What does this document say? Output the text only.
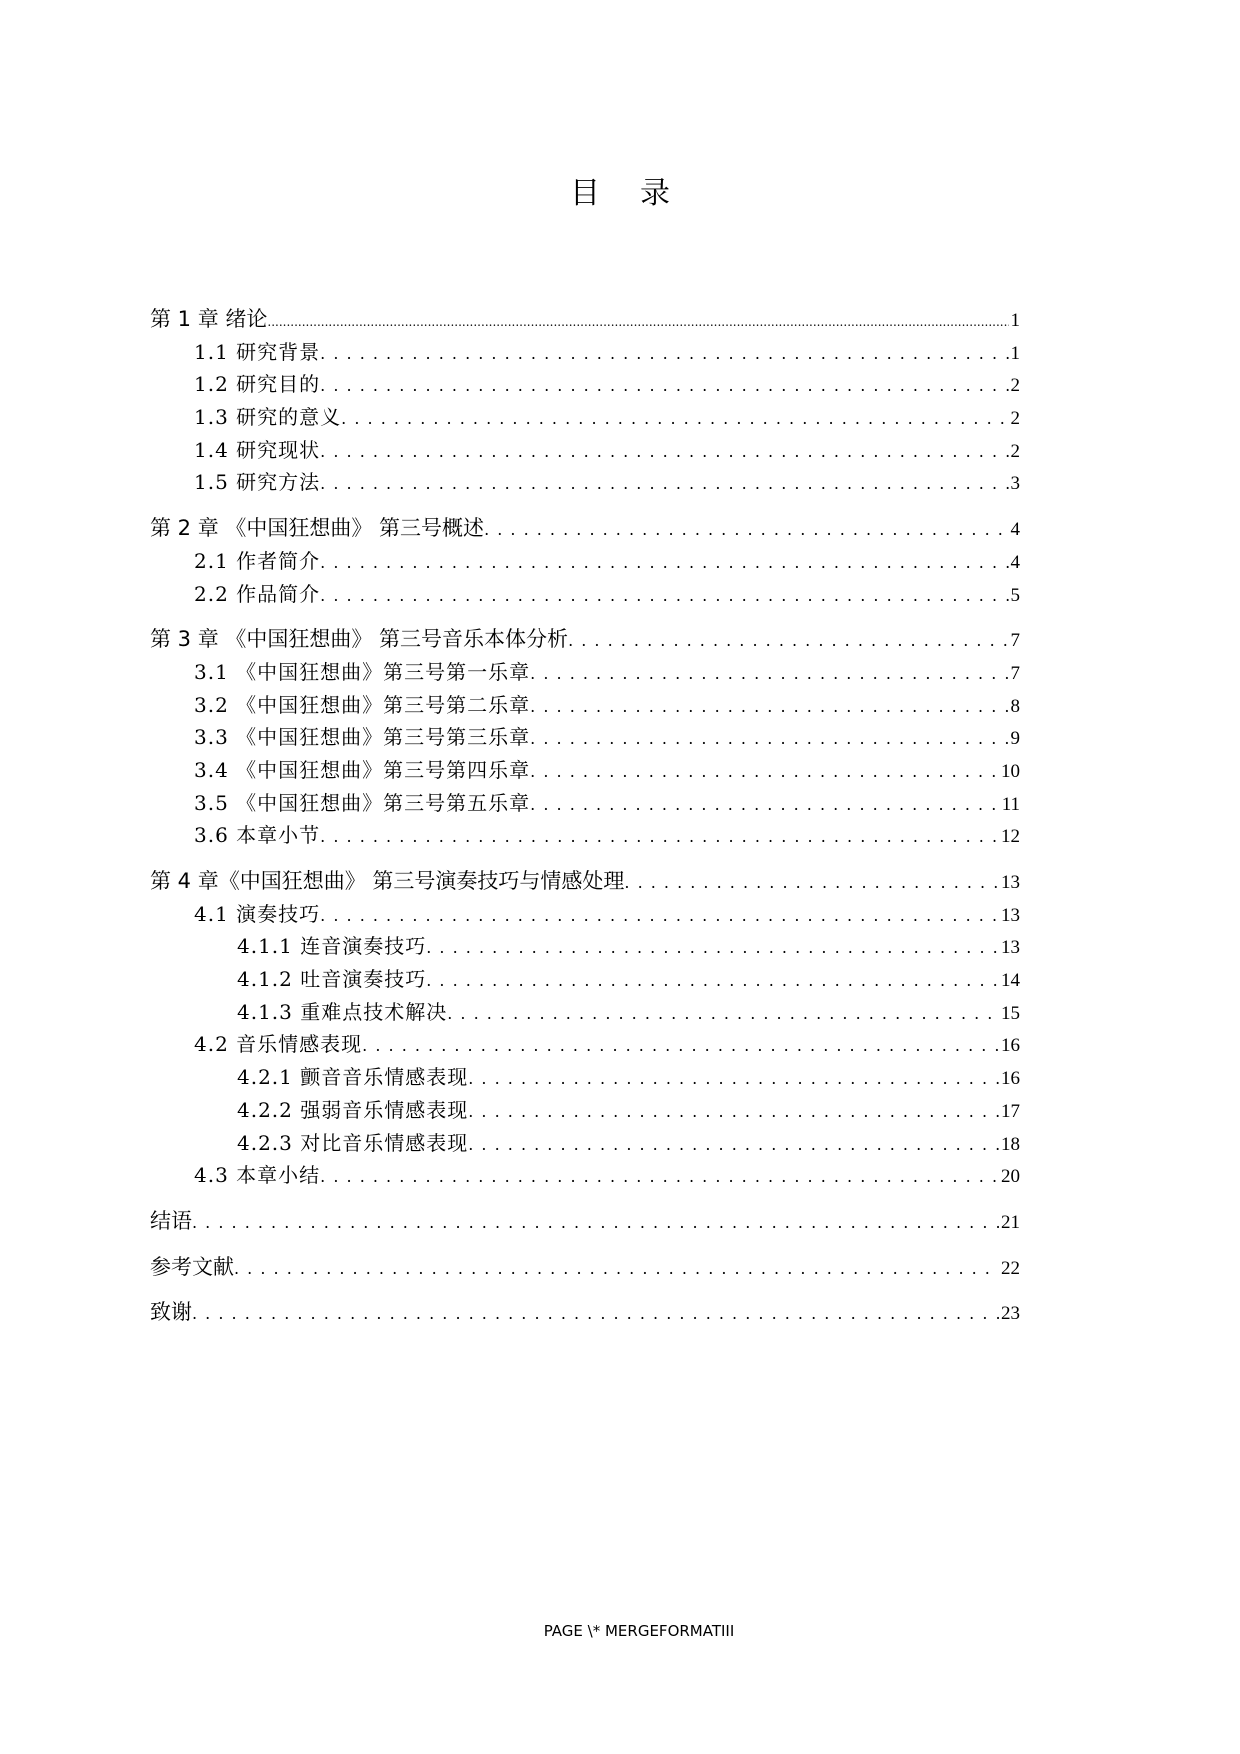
目录
第 1 章 绪论 .....	1
1.1 研究背景 . . .	1
1.2 研究目的 . . .	2
1.3 研究的意义 . . .	2
1.4 研究现状 . . .	2
1.5 研究方法 . . .	3
第 2 章 《中国狂想曲》 第三号概述 . . .	4
2.1 作者简介 . . .	4
2.2 作品简介 . . .	5
第 3 章 《中国狂想曲》 第三号音乐本体分析 . . .	7
3.1 《中国狂想曲》第三号第一乐章 . . .	7
3.2 《中国狂想曲》第三号第二乐章 . . .	8
3.3 《中国狂想曲》第三号第三乐章 . . .	9
3.4 《中国狂想曲》第三号第四乐章 . . .	10
3.5 《中国狂想曲》第三号第五乐章 . . .	11
3.6 本章小节 . . .	12
第 4 章《中国狂想曲》 第三号演奏技巧与情感处理 . . .	13
4.1 演奏技巧 . . .	13
4.1.1 连音演奏技巧 . . .	13
4.1.2 吐音演奏技巧 . . .	14
4.1.3 重难点技术解决 . . .	15
4.2 音乐情感表现 . . .	16
4.2.1 颤音音乐情感表现 . . .	16
4.2.2 强弱音乐情感表现 . . .	17
4.2.3 对比音乐情感表现 . . .	18
4.3 本章小结 . . .	20
结语 . . .	21
参考文献 . . .	22
致谢 . . .	23
PAGE \* MERGEFORMATIII
